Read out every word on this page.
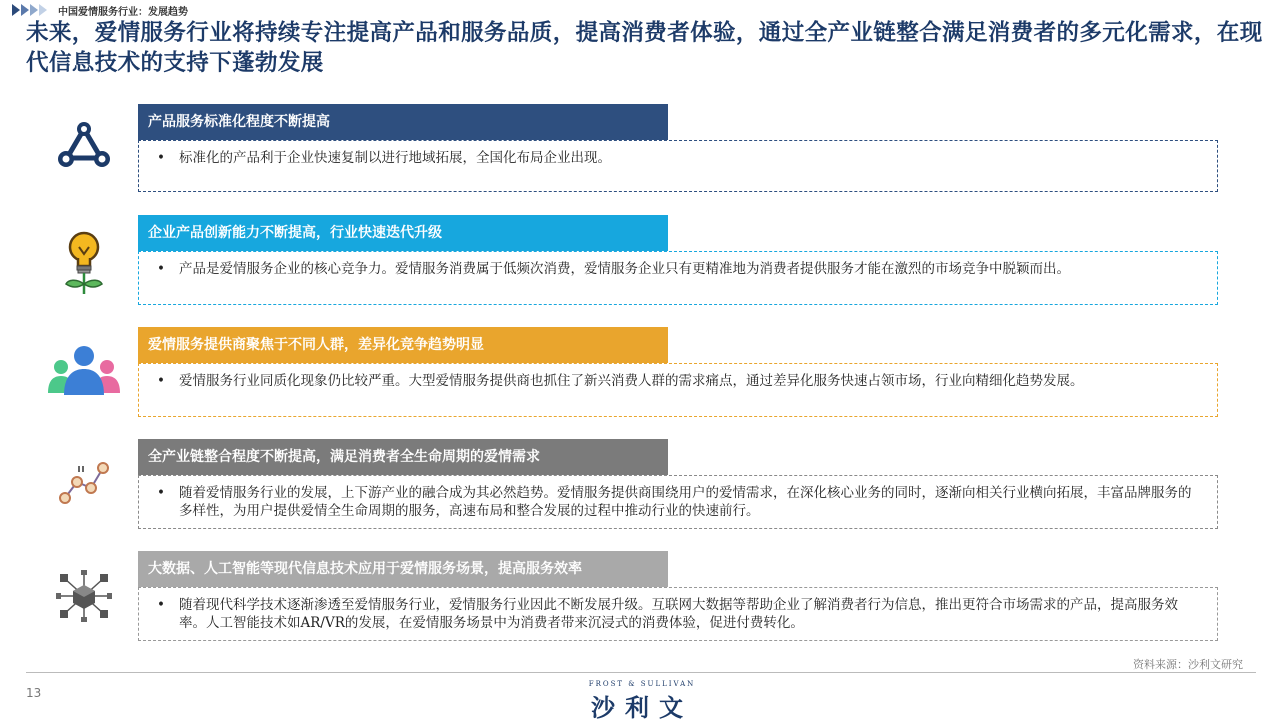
中国爱情服务行业：发展趋势
未来，爱情服务行业将持续专注提高产品和服务品质，提高消费者体验，通过全产业链整合满足消费者的多元化需求，在现代信息技术的支持下蓬勃发展
产品服务标准化程度不断提高
•	标准化的产品利于企业快速复制以进行地域拓展，全国化布局企业出现。
企业产品创新能力不断提高，行业快速迭代升级
•	产品是爱情服务企业的核心竞争力。爱情服务消费属于低频次消费，爱情服务企业只有更精准地为消费者提供服务才能在激烈的市场竞争中脱颖而出。
爱情服务提供商聚焦于不同人群，差异化竞争趋势明显
•	爱情服务行业同质化现象仍比较严重。大型爱情服务提供商也抓住了新兴消费人群的需求痛点，通过差异化服务快速占领市场，行业向精细化趋势发展。
全产业链整合程度不断提高，满足消费者全生命周期的爱情需求
•	随着爱情服务行业的发展，上下游产业的融合成为其必然趋势。爱情服务提供商围绕用户的爱情需求，在深化核心业务的同时，逐渐向相关行业横向拓展，丰富品牌服务的多样性，为用户提供爱情全生命周期的服务，高速布局和整合发展的过程中推动行业的快速前行。
大数据、人工智能等现代信息技术应用于爱情服务场景，提高服务效率
•	随着现代科学技术逐渐渗透至爱情服务行业，爱情服务行业因此不断发展升级。互联网大数据等帮助企业了解消费者行为信息，推出更符合市场需求的产品，提高服务效率。人工智能技术如AR/VR的发展，在爱情服务场景中为消费者带来沉浸式的消费体验，促进付费转化。
资料来源：沙利文研究
13
FROST & SULLIVAN
沙利文
